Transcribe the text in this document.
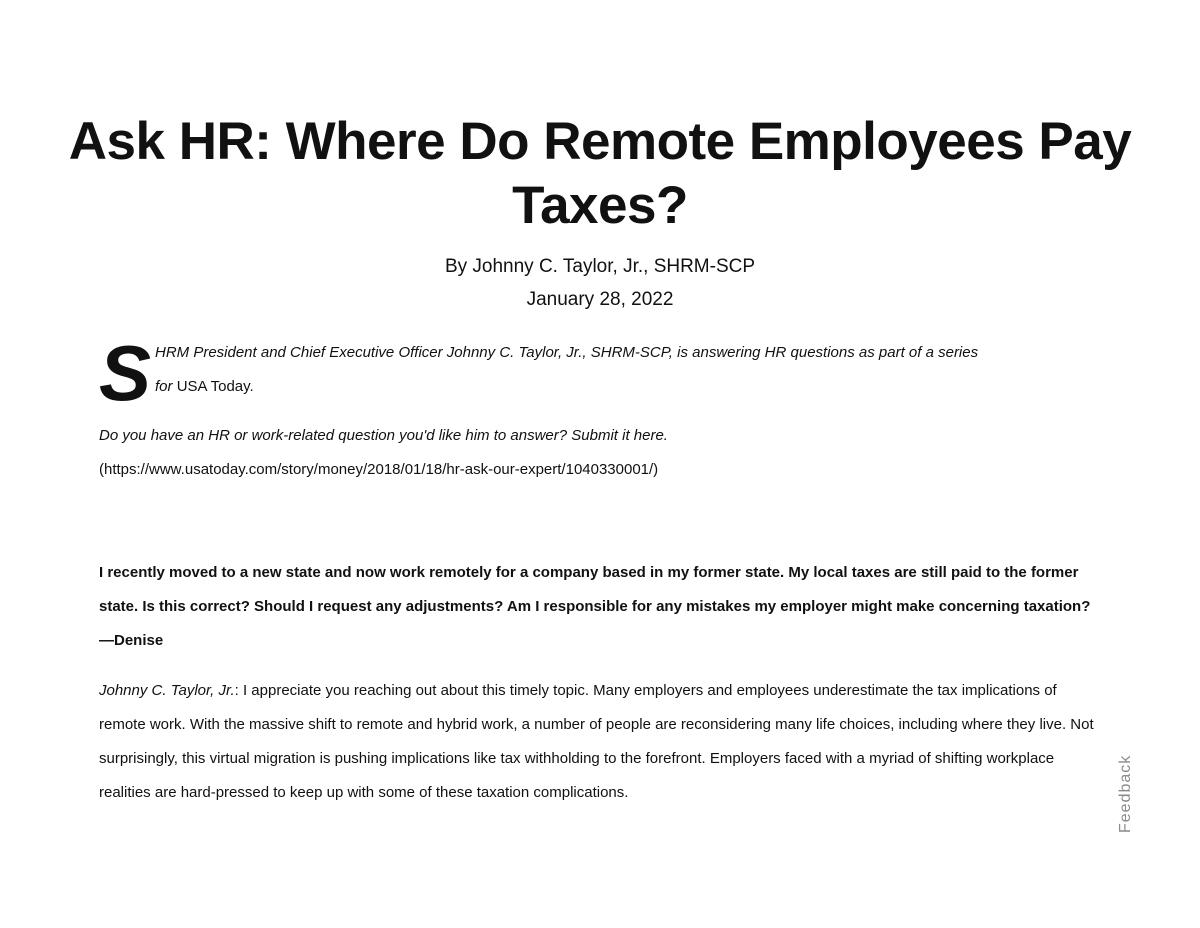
Ask HR: Where Do Remote Employees Pay Taxes?
By Johnny C. Taylor, Jr., SHRM-SCP
January 28, 2022
S HRM President and Chief Executive Officer Johnny C. Taylor, Jr., SHRM-SCP, is answering HR questions as part of a series
for USA Today.
Do you have an HR or work-related question you'd like him to answer? Submit it here.
(https://www.usatoday.com/story/money/2018/01/18/hr-ask-our-expert/1040330001/)

I recently moved to a new state and now work remotely for a company based in my former state. My local taxes are still paid to the former state. Is this correct? Should I request any adjustments? Am I responsible for any mistakes my employer might make concerning taxation? —Denise

Johnny C. Taylor, Jr.: I appreciate you reaching out about this timely topic. Many employers and employees underestimate the tax implications of remote work. With the massive shift to remote and hybrid work, a number of people are reconsidering many life choices, including where they live. Not surprisingly, this virtual migration is pushing implications like tax withholding to the forefront. Employers faced with a myriad of shifting workplace realities are hard-pressed to keep up with some of these taxation complications.	Feedback
